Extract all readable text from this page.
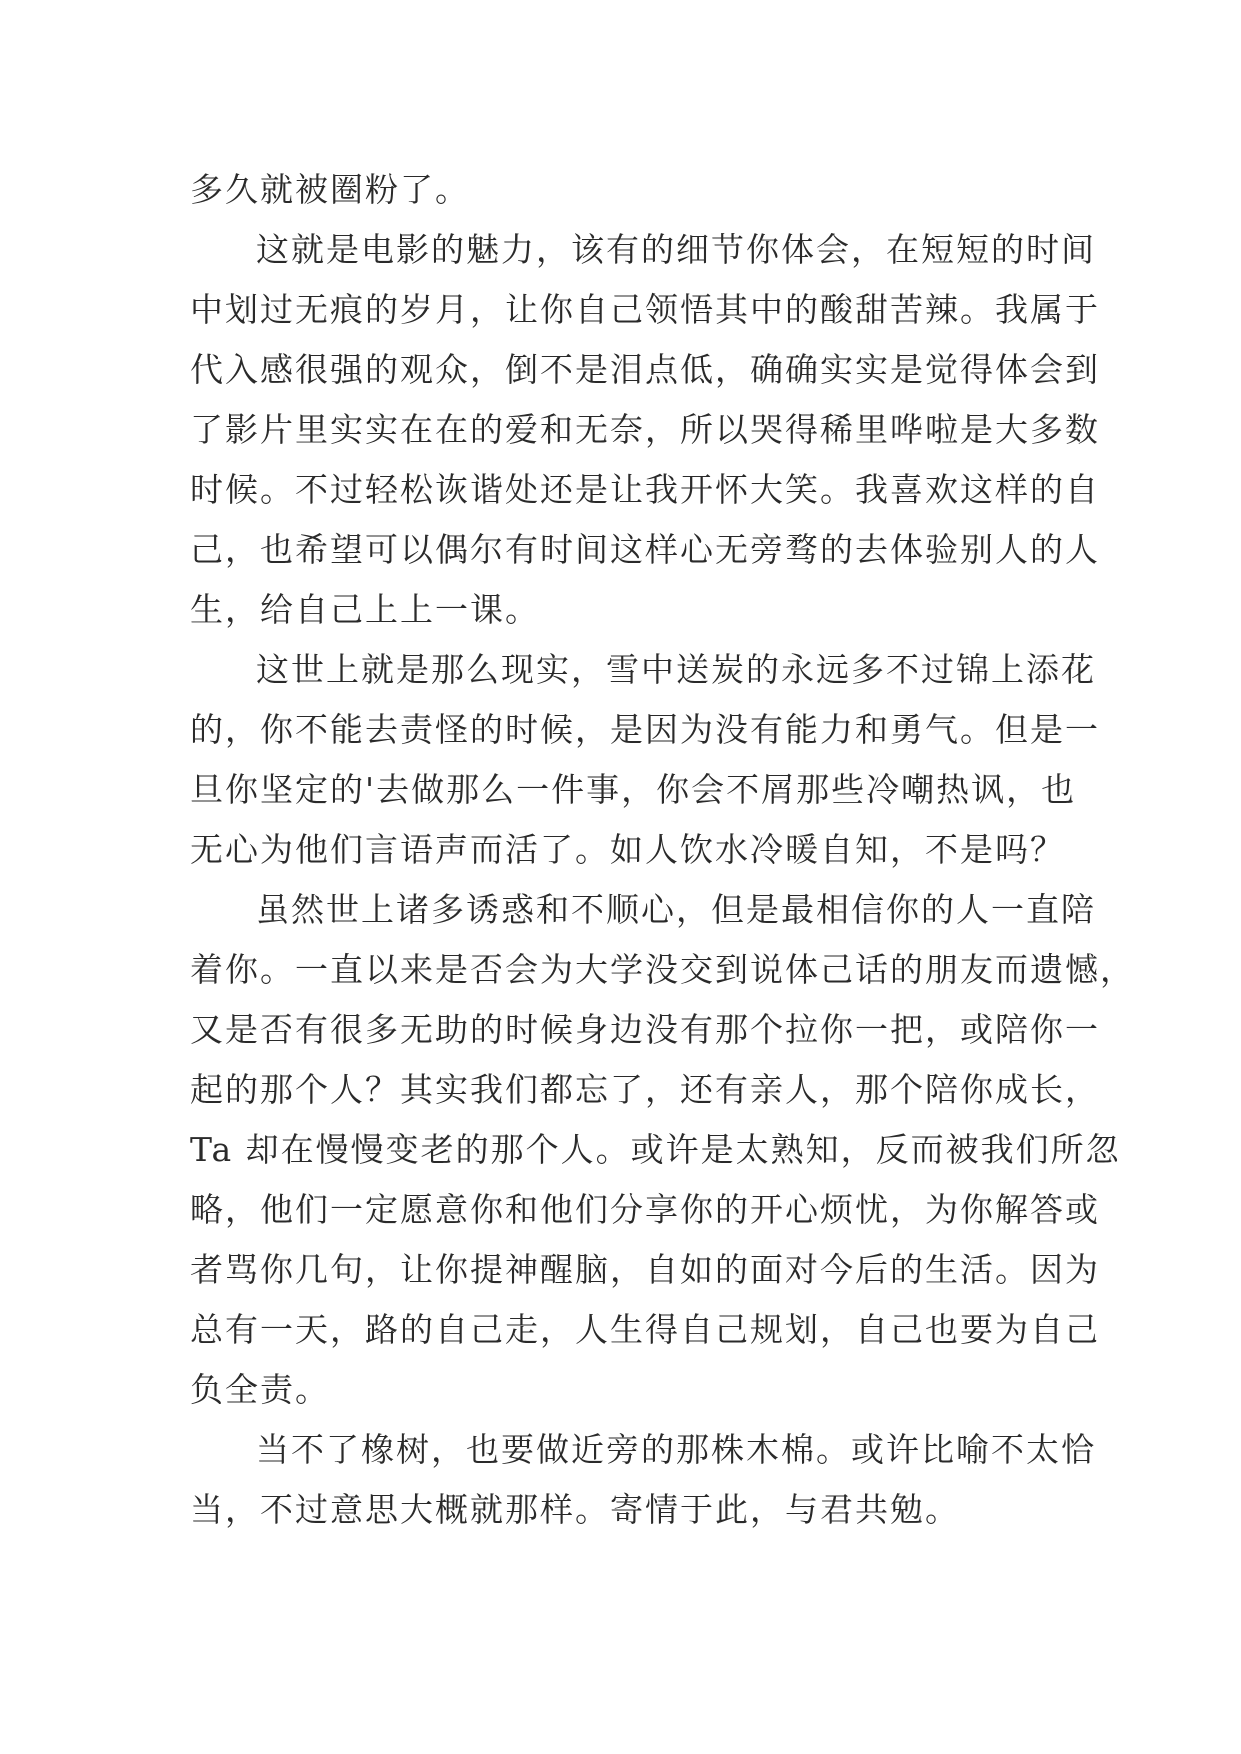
多久就被圈粉了。
这就是电影的魅力，该有的细节你体会，在短短的时间
中划过无痕的岁月，让你自己领悟其中的酸甜苦辣。我属于
代入感很强的观众，倒不是泪点低，确确实实是觉得体会到
了影片里实实在在的爱和无奈，所以哭得稀里哗啦是大多数
时候。不过轻松诙谐处还是让我开怀大笑。我喜欢这样的自
己，也希望可以偶尔有时间这样心无旁骛的去体验别人的人
生，给自己上上一课。
这世上就是那么现实，雪中送炭的永远多不过锦上添花
的，你不能去责怪的时候，是因为没有能力和勇气。但是一
旦你坚定的'去做那么一件事，你会不屑那些冷嘲热讽，也
无心为他们言语声而活了。如人饮水冷暖自知，不是吗？
虽然世上诸多诱惑和不顺心，但是最相信你的人一直陪
着你。一直以来是否会为大学没交到说体己话的朋友而遗憾，
又是否有很多无助的时候身边没有那个拉你一把，或陪你一
起的那个人？其实我们都忘了，还有亲人，那个陪你成长，
Ta 却在慢慢变老的那个人。或许是太熟知，反而被我们所忽
略，他们一定愿意你和他们分享你的开心烦忧，为你解答或
者骂你几句，让你提神醒脑，自如的面对今后的生活。因为
总有一天，路的自己走，人生得自己规划，自己也要为自己
负全责。
当不了橡树，也要做近旁的那株木棉。或许比喻不太恰
当，不过意思大概就那样。寄情于此，与君共勉。
